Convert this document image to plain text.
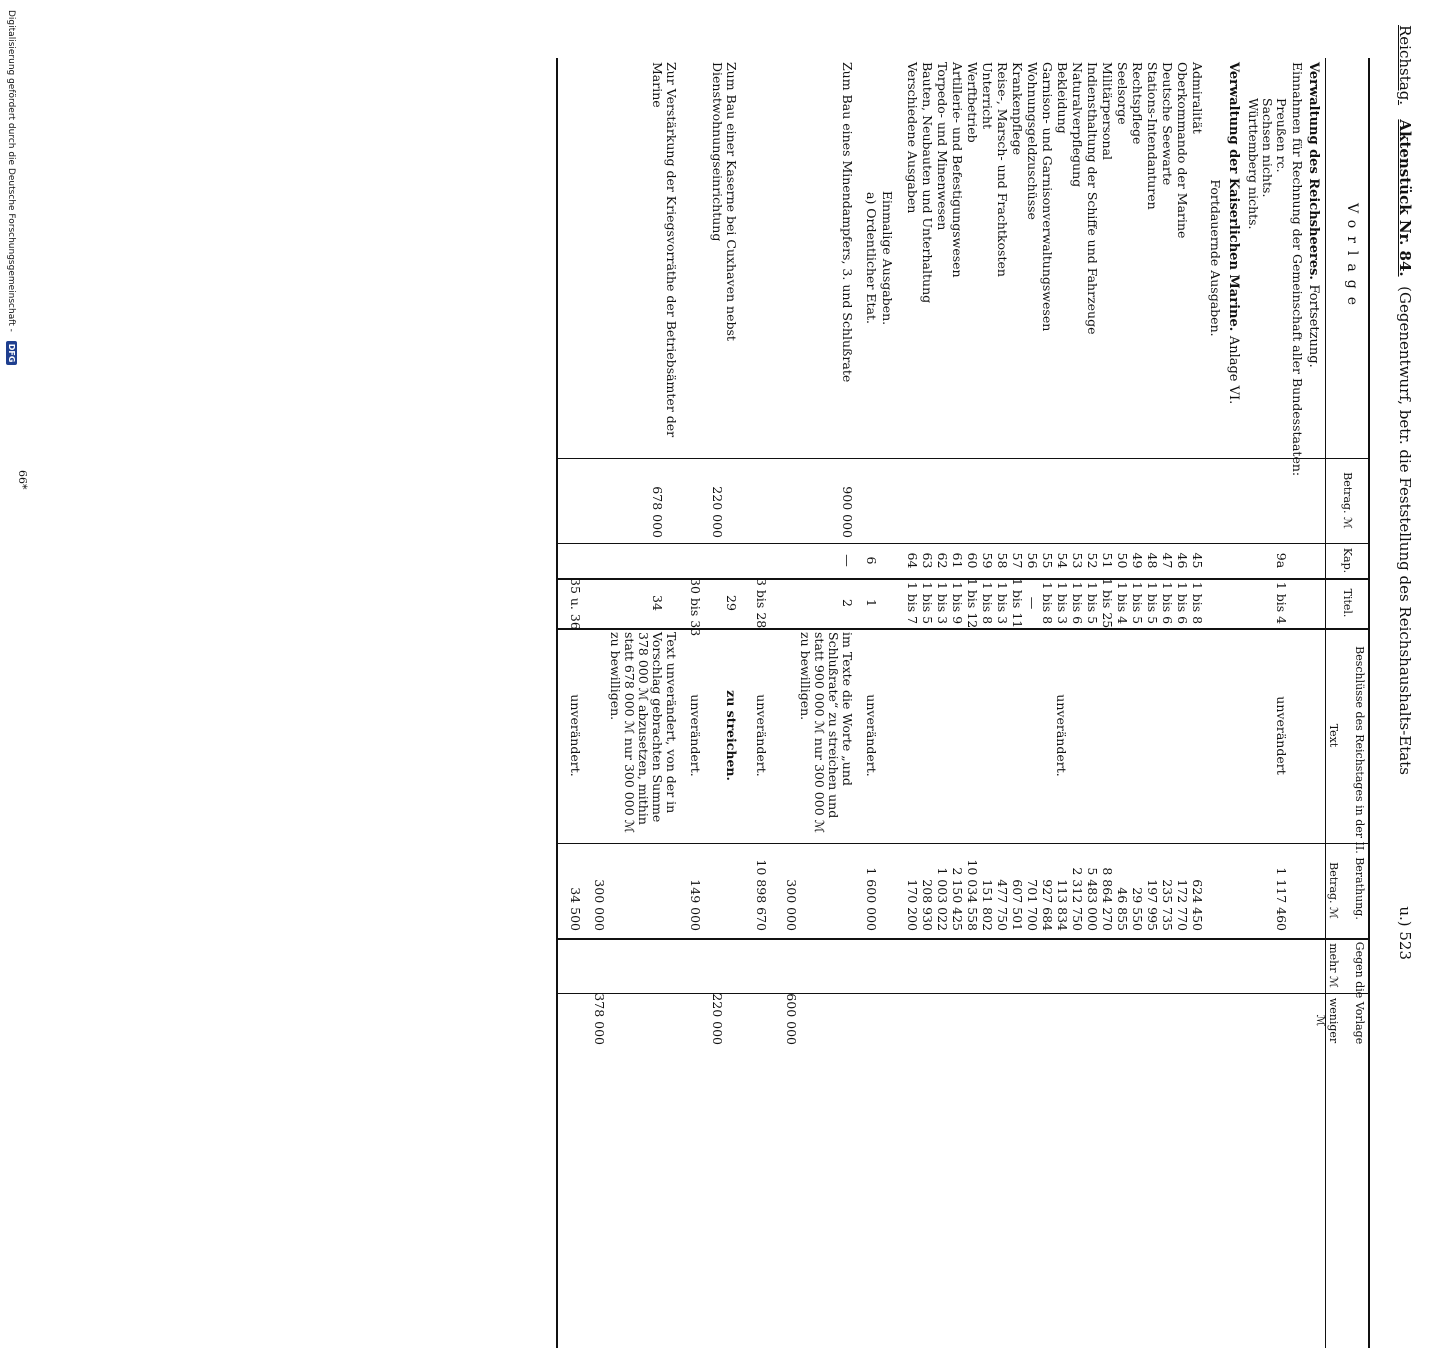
Reichstag.   Aktenstück Nr. 84.  (Gegenentwurf, betr. die Feststellung des Reichshaushalts-Etats
u.) 523
Vorlage
Betrag. ℳ
Kap.
Titel.
Beschlüsse des Reichstages in der II. Berathung.
Text
Betrag. ℳ
Gegen die Vorlage
mehr ℳ
weniger ℳ
Verwaltung des Reichsheeres. Fortsetzung.
Einnahmen für Rechnung der Gemeinschaft aller Bundesstaaten:
Preußen rc.
Sachsen nichts.
Württemberg nichts.
9a
1 bis 4
unverändert
1 117 460
Verwaltung der Kaiserlichen Marine. Anlage VI.
Fortdauernde Ausgaben.
Admiralität
45
1 bis 8
624 450
Oberkommando der Marine
46
1 bis 6
172 770
Deutsche Seewarte
47
1 bis 6
235 735
Stations-Intendanturen
48
1 bis 5
197 995
Rechtspflege
49
1 bis 5
29 550
Seelsorge
50
1 bis 4
46 855
Militärpersonal
51
1 bis 25
8 864 270
Indiensthaltung der Schiffe und Fahrzeuge
52
1 bis 5
5 483 000
Naturalverpflegung
53
1 bis 6
2 312 750
Bekleidung
54
1 bis 3
113 834
Garnison- und Garnisonverwaltungswesen
55
1 bis 8
927 684
Wohnungsgeldzuschüsse
56
—
701 700
Krankenpflege
57
1 bis 11
607 501
Reise-, Marsch- und Frachtkosten
58
1 bis 3
477 750
Unterricht
59
1 bis 8
151 802
Werftbetrieb
60
1 bis 12
10 034 558
Artillerie- und Befestigungswesen
61
1 bis 9
2 150 425
Torpedo- und Minenwesen
62
1 bis 3
1 003 022
Bauten, Neubauten und Unterhaltung
63
1 bis 5
208 930
Verschiedene Ausgaben
64
1 bis 7
170 200
unverändert.
Einmalige Ausgaben.
a) Ordentlicher Etat.
6
1
unverändert.
1 600 000
Zum Bau eines Minendampfers, 3. und Schlußrate
900 000
—
2
im Texte die Worte „und Schlußrate“ zu streichen und statt 900 000 ℳ nur 300 000 ℳ zu bewilligen.
300 000
600 000
3 bis 28
unverändert.
10 898 670
Zum Bau einer Kaserne bei Cuxhaven nebst Dienstwohnungseinrichtung
220 000
29
zu streichen.
220 000
30 bis 33
unverändert.
149 000
Zur Verstärkung der Kriegsvorräthe der Betriebsämter der Marine
678 000
34
Text unverändert, von der in Vorschlag gebrachten Summe 378 000 ℳ abzusetzen, mithin statt 678 000 ℳ nur 300 000 ℳ zu bewilligen.
300 000
378 000
35 u. 36
unverändert.
34 500
66*
Digitalisierung gefördert durch die Deutsche Forschungsgemeinschaft - DFG
